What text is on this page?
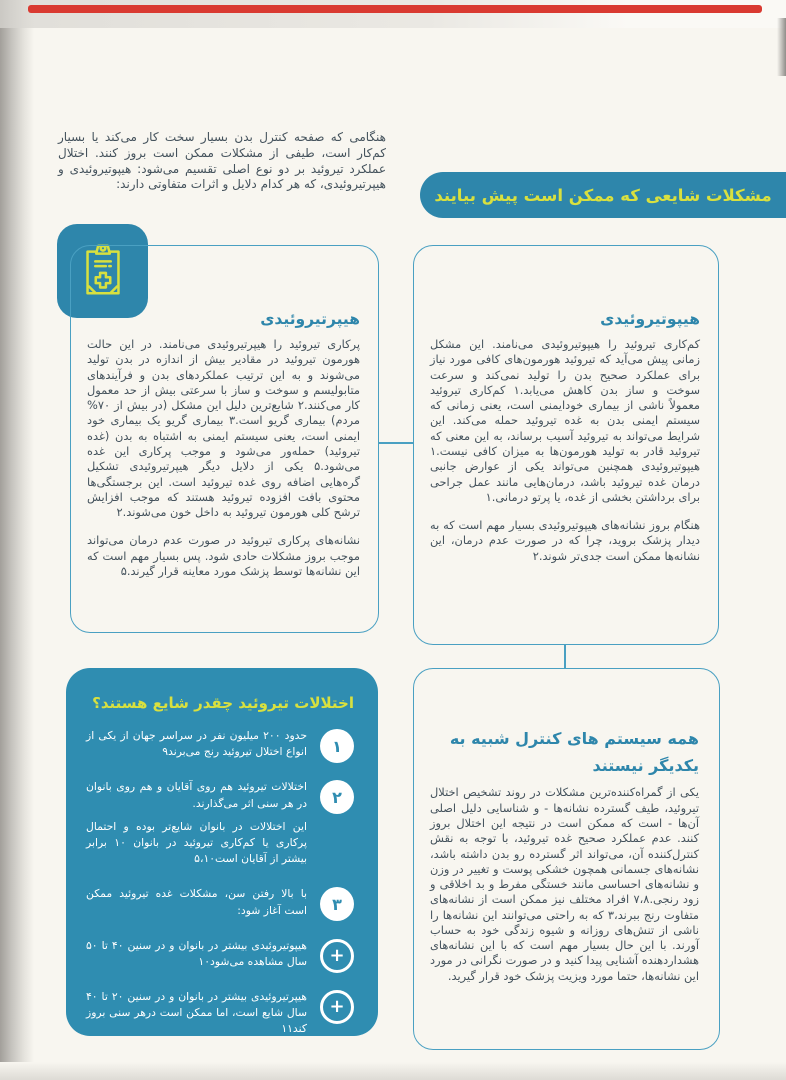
هنگامی که صفحه کنترل بدن بسیار سخت کار می‌کند یا بسیار کم‌کار است، طیفی از مشکلات ممکن است بروز کنند. اختلال عملکرد تیروئید بر دو نوع اصلی تقسیم می‌شود: هیپوتیروئیدی و هیپرتیروئیدی، که هر کدام دلایل و اثرات متفاوتی دارند:

مشکلات شایعی که ممکن است پیش بیایند
هیپرتیروئیدی

پرکاری تیروئید را هیپرتیروئیدی می‌نامند. در این حالت هورمون تیروئید در مقادیر بیش از اندازه در بدن تولید می‌شوند و به این ترتیب عملکردهای بدن و فرآیندهای متابولیسم و سوخت و ساز با سرعتی بیش از حد معمول کار می‌کنند.۲ شایع‌ترین دلیل این مشکل (در بیش از ۷۰% مردم) بیماری گریو است.۳ بیماری گریو یک بیماری خود ایمنی است، یعنی سیستم ایمنی به اشتباه به بدن (غده تیروئید) حمله‌ور می‌شود و موجب پرکاری این غده می‌شود.۵ یکی از دلایل دیگر هیپرتیروئیدی تشکیل گره‌هایی اضافه روی غده تیروئید است. این برجستگی‌ها محتوی بافت افزوده تیروئید هستند که موجب افزایش ترشح کلی هورمون تیروئید به داخل خون می‌شوند.۲

نشانه‌های پرکاری تیروئید در صورت عدم درمان می‌تواند موجب بروز مشکلات حادی شود. پس بسیار مهم است که این نشانه‌ها توسط پزشک مورد معاینه قرار گیرند.۵

هیپوتیروئیدی

کم‌کاری تیروئید را هیپوتیروئیدی می‌نامند. این مشکل زمانی پیش می‌آید که تیروئید هورمون‌های کافی مورد نیاز برای عملکرد صحیح بدن را تولید نمی‌کند و سرعت سوخت و ساز بدن کاهش می‌یابد.۱ کم‌کاری تیروئید معمولاً ناشی از بیماری خودایمنی است، یعنی زمانی که سیستم ایمنی بدن به غده تیروئید حمله می‌کند. این شرایط می‌تواند به تیروئید آسیب برساند، به این معنی که تیروئید قادر به تولید هورمون‌ها به میزان کافی نیست.۱ هیپوتیروئیدی همچنین می‌تواند یکی از عوارض جانبی درمان غده تیروئید باشد، درمان‌هایی مانند عمل جراحی برای برداشتن بخشی از غده، یا پرتو درمانی.۱

هنگام بروز نشانه‌های هیپوتیروئیدی بسیار مهم است که به دیدار پزشک بروید، چرا که در صورت عدم درمان، این نشانه‌ها ممکن است جدی‌تر شوند.۲

اختلالات تیروئید چقدر شایع هستند؟
۱

حدود ۲۰۰ میلیون نفر در سراسر جهان از یکی از انواع اختلال تیروئید رنج می‌برند۹

۲

اختلالات تیروئید هم روی آقایان و هم روی بانوان در هر سنی اثر می‌گذارند.

این اختلالات در بانوان شایع‌تر بوده و احتمال پرکاری یا کم‌کاری تیروئید در بانوان ۱۰ برابر بیشتر از آقایان است۵،۱۰

۳

با بالا رفتن سن، مشکلات غده تیروئید ممکن است آغاز شود:

+

هیپوتیروئیدی بیشتر در بانوان و در سنین ۴۰ تا ۵۰ سال مشاهده می‌شود۱۰

+

هیپرتیروئیدی بیشتر در بانوان و در سنین ۲۰ تا ۴۰ سال شایع است، اما ممکن است درهر سنی بروز کند۱۱

همه سیستم های کنترل شبیه به
یکدیگر نیستند

یکی از گمراه‌کننده‌ترین مشکلات در روند تشخیص اختلال تیروئید، طیف گسترده نشانه‌ها - و شناسایی دلیل اصلی آن‌ها - است که ممکن است در نتیجه این اختلال بروز کنند. عدم عملکرد صحیح غده تیروئید، با توجه به نقش کنترل‌کننده آن، می‌تواند اثر گسترده رو بدن داشته باشد، نشانه‌های جسمانی همچون خشکی پوست و تغییر در وزن و نشانه‌های احساسی مانند خستگی مفرط و بد اخلاقی و زود رنجی.۷،۸ افراد مختلف نیز ممکن است از نشانه‌های متفاوت رنج ببرند،۳ که به راحتی می‌توانند این نشانه‌ها را ناشی از تنش‌های روزانه و شیوه زندگی خود به حساب آورند. با این حال بسیار مهم است که با این نشانه‌های هشداردهنده آشنایی پیدا کنید و در صورت نگرانی در مورد این نشانه‌ها، حتما مورد ویزیت پزشک خود قرار گیرید.
